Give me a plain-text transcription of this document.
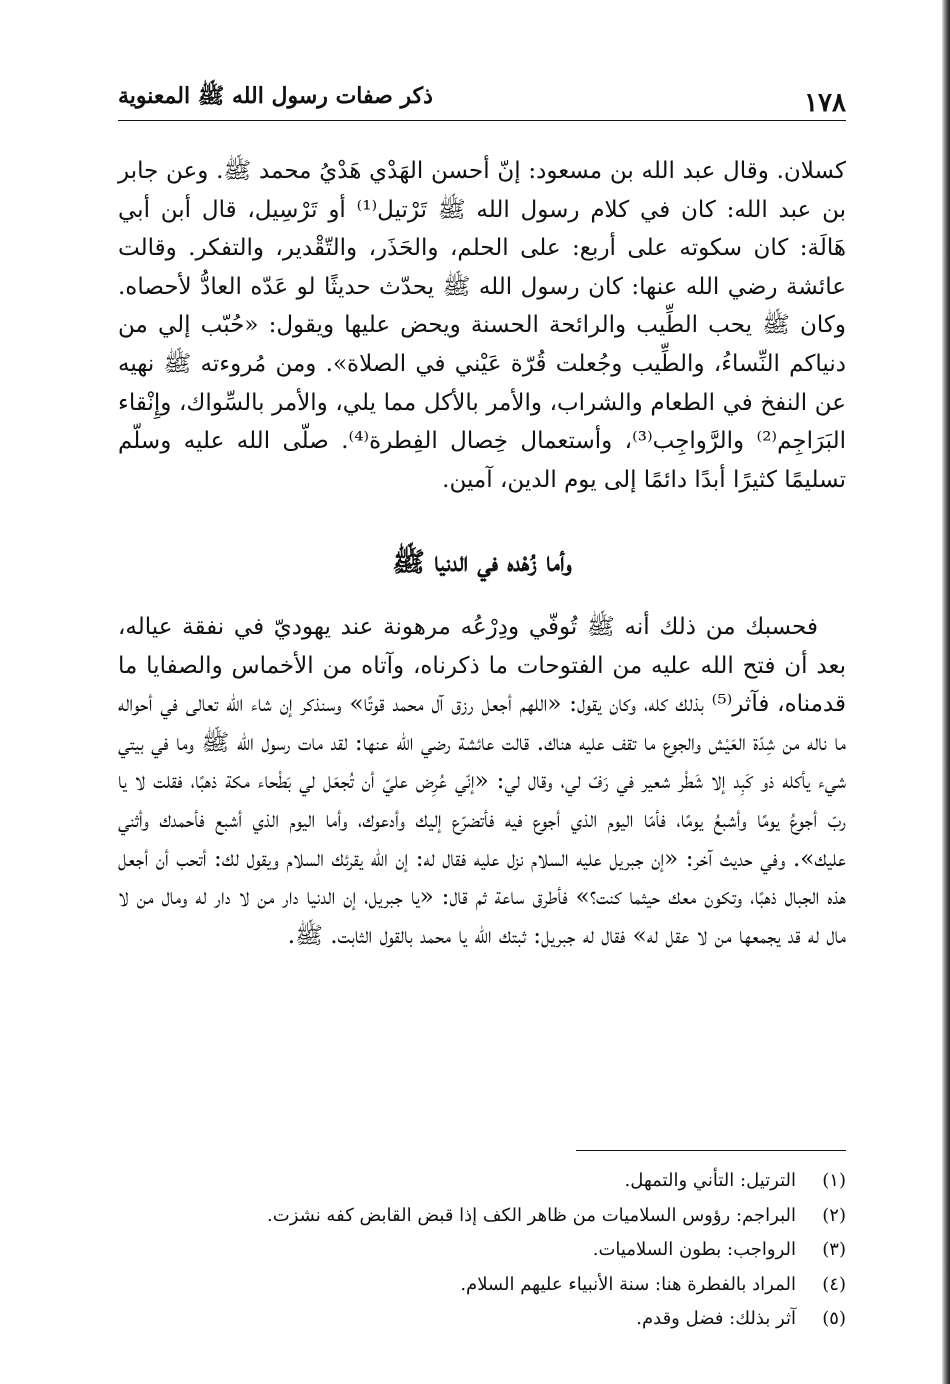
١٧٨
ذكر صفات رسول الله ﷺ المعنوية

كسلان. وقال عبد الله بن مسعود: إنّ أحسن الهَدْي هَدْيُ محمد ﷺ. وعن جابر بن عبد الله: كان في كلام رسول الله ﷺ تَرْتيل⁽¹⁾ أو تَرْسِيل، قال أبن أبي هَالَة: كان سكوته على أربع: على الحلم، والحَذَر، والتّقْدير، والتفكر. وقالت عائشة رضي الله عنها: كان رسول الله ﷺ يحدّث حديثًا لو عَدّه العادُّ لأحصاه. وكان ﷺ يحب الطِّيب والرائحة الحسنة ويحض عليها ويقول: «حُبّب إلي من دنياكم النِّساءُ، والطِّيب وجُعلت قُرّة عَيْني في الصلاة». ومن مُروءته ﷺ نهيه عن النفخ في الطعام والشراب، والأمر بالأكل مما يلي، والأمر بالسِّواك، وإِنْقاء البَرَاجِم⁽²⁾ والرَّواجِب⁽³⁾، وأستعمال خِصال الفِطرة⁽⁴⁾. صلّى الله عليه وسلّم تسليمًا كثيرًا أبدًا دائمًا إلى يوم الدين، آمين.

وأما زُهْده في الدنيا ﷺ

فحسبك من ذلك أنه ﷺ تُوفّي ودِرْعُه مرهونة عند يهوديّ في نفقة عياله، بعد أن فتح الله عليه من الفتوحات ما ذكرناه، وآتاه من الأخماس والصفايا ما قدمناه، فآثر⁽⁵⁾ بذلك كله، وكان يقول: «اللهم أجعل رزق آل محمد قوتًا» وسنذكر إن شاء الله تعالى في أحواله ما ناله من شِدّة العَيْش والجوع ما تقف عليه هناك. قالت عائشة رضي الله عنها: لقد مات رسول الله ﷺ وما في بيتي شيء يأكله ذو كَبِد إلا شَطْر شعير في رَفّ لي، وقال لي: «إنّي عُرِض عليّ أن تُجعَل لي بَطْحاء مكة ذهبًا، فقلت لا يا ربّ أجوعُ يومًا وأشبعُ يومًا، فأمّا اليوم الذي أجوع فيه فأتضرّع إليك وأدعوك، وأما اليوم الذي أشبع فأحمدك وأثني عليك». وفي حديث آخر: «إن جبريل عليه السلام نزل عليه فقال له: إن الله يقرئك السلام ويقول لك: أتحب أن أجعل هذه الجبال ذهبًا، وتكون معك حيثما كنت؟» فأطرق ساعة ثم قال: «يا جبريل، إن الدنيا دار من لا دار له ومال من لا مال له قد يجمعها من لا عقل له» فقال له جبريل: ثبتك الله يا محمد بالقول الثابت. ﷺ.

(١)الترتيل: التأني والتمهل.
(٢)البراجم: رؤوس السلاميات من ظاهر الكف إذا قبض القابض كفه نشزت.
(٣)الرواجب: بطون السلاميات.
(٤)المراد بالفطرة هنا: سنة الأنبياء عليهم السلام.
(٥)آثر بذلك: فضل وقدم.
